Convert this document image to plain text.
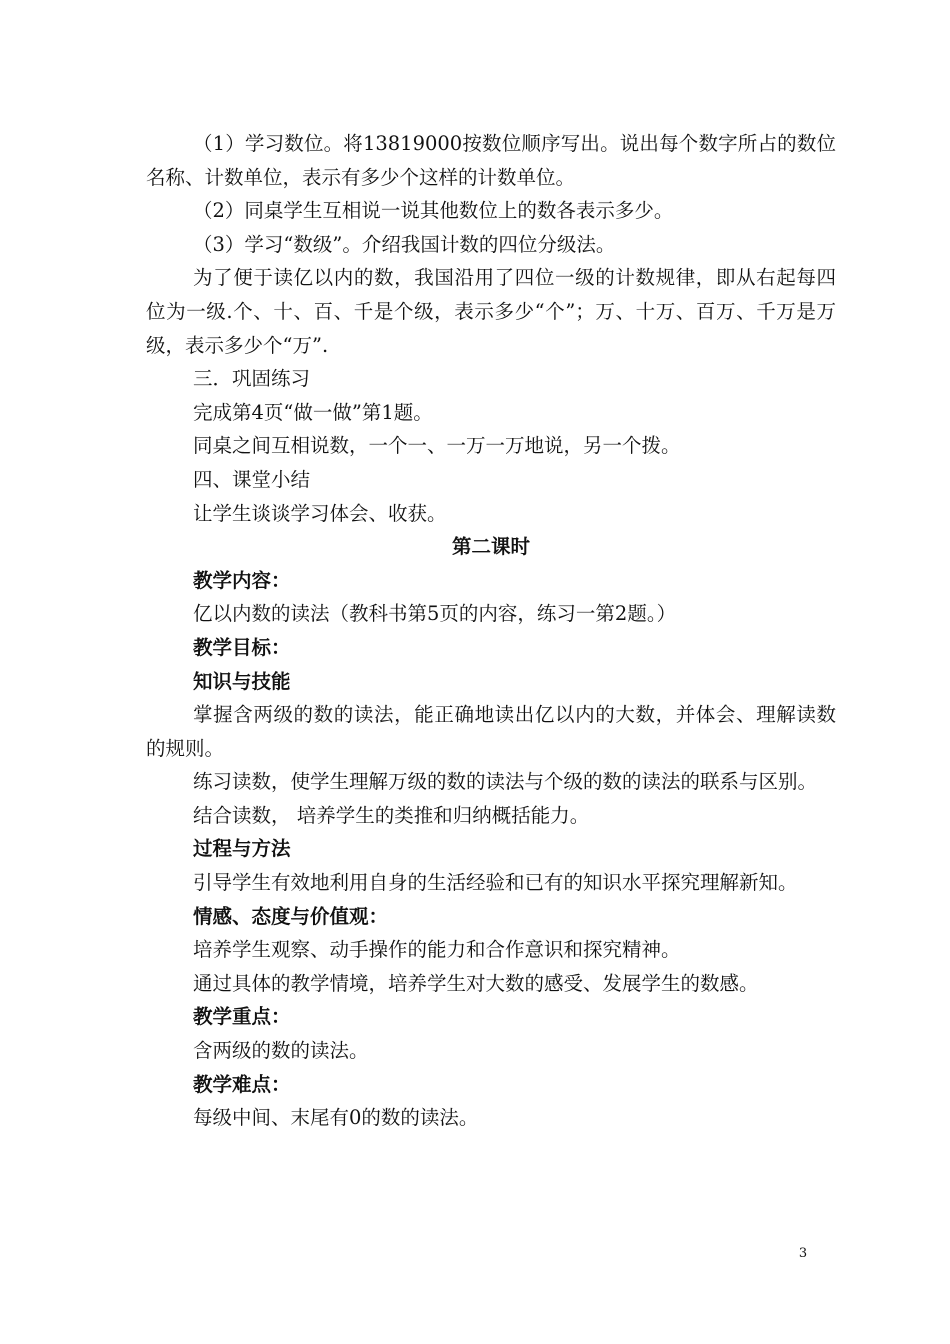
（1）学习数位。将13819000按数位顺序写出。说出每个数字所占的数位名称、计数单位，表示有多少个这样的计数单位。

（2）同桌学生互相说一说其他数位上的数各表示多少。

（3）学习“数级”。介绍我国计数的四位分级法。

为了便于读亿以内的数，我国沿用了四位一级的计数规律，即从右起每四位为一级.个、十、百、千是个级，表示多少“个”；万、十万、百万、千万是万级，表示多少个“万”.

三．巩固练习

完成第4页“做一做”第1题。

同桌之间互相说数，一个一、一万一万地说，另一个拨。

四、课堂小结

让学生谈谈学习体会、收获。

第二课时

教学内容：

亿以内数的读法（教科书第5页的内容，练习一第2题。）

教学目标：

知识与技能

掌握含两级的数的读法，能正确地读出亿以内的大数，并体会、理解读数的规则。

练习读数，使学生理解万级的数的读法与个级的数的读法的联系与区别。

结合读数， 培养学生的类推和归纳概括能力。

过程与方法

引导学生有效地利用自身的生活经验和已有的知识水平探究理解新知。

情感、态度与价值观：

培养学生观察、动手操作的能力和合作意识和探究精神。

通过具体的教学情境，培养学生对大数的感受、发展学生的数感。

教学重点：

含两级的数的读法。

教学难点：

每级中间、末尾有0的数的读法。

3
